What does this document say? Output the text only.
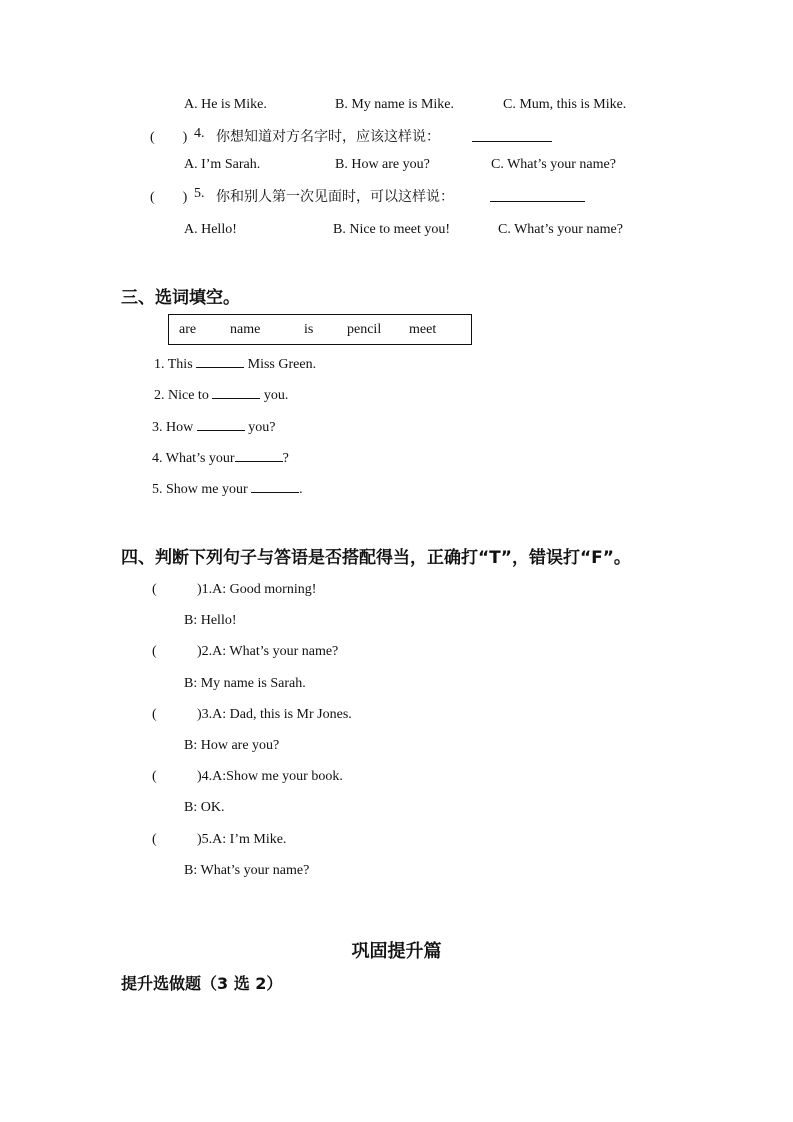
A. He is Mike.	B. My name is Mike.	C. Mum, this is Mike.
(　　) 4. 你想知道对方名字时，应该这样说：
A. I’m Sarah.	B. How are you?	C. What’s your name?
(　　) 5. 你和别人第一次见面时，可以这样说：
A. Hello!	B. Nice to meet you!	C. What’s your name?
三、选词填空。
are name	is pencil meet
1. This	Miss Green.
2. Nice to	you.
3. How	you?
4. What’s your	?
5. Show me your	.
四、判断下列句子与答语是否搭配得当，正确打“T”，错误打“F”。
(	)1.A: Good morning!
B: Hello!
(	)2.A: What’s your name?
B: My name is Sarah.
(	)3.A: Dad, this is Mr Jones.
B: How are you?
(	)4.A:Show me your book.
B: OK.
(	)5.A: I’m Mike.
B: What’s your name?
巩固提升篇
提升选做题（3 选 2）
